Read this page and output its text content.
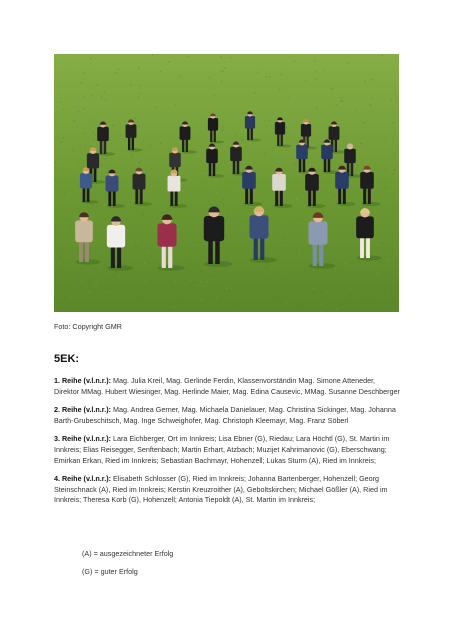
Foto: Copyright GMR
5EK:
1. Reihe (v.l.n.r.): Mag. Julia Kreil, Mag. Gerlinde Ferdin, Klassenvorständin Mag. Simone Atteneder, Direktor MMag. Hubert Wiesinger, Mag. Herlinde Maier, Mag. Edina Causevic, MMag. Susanne Deschberger
2. Reihe (v.l.n.r.): Mag. Andrea Gerner, Mag. Michaela Danielauer, Mag. Christina Sickinger, Mag. Johanna Barth-Grubeschitsch, Mag. Inge Schweighofer, Mag. Christoph Kleemayr, Mag. Franz Söberl
3. Reihe (v.l.n.r.): Lara Eichberger, Ort im Innkreis; Lisa Ebner (G), Riedau; Lara Höchtl (G), St. Martin im Innkreis; Elias Reisegger, Senftenbach; Martin Erhart, Atzbach; Muzijet Kahrimanovic (G), Eberschwang; Emirkan Erkan, Ried im Innkreis; Sebastian Bachmayr, Hohenzell; Lukas Sturm (A), Ried im Innkreis;
4. Reihe (v.l.n.r.): Elisabeth Schlosser (G), Ried im Innkreis; Johanna Bartenberger, Hohenzell; Georg Steinschnack (A), Ried im Innkreis; Kerstin Kreuzroither (A), Geboltskirchen; Michael Gößler (A), Ried im Innkreis; Theresa Korb (G), Hohenzell; Antonia Tiepoldt (A), St. Martin im Innkreis;
(A) = ausgezeichneter Erfolg
(G) = guter Erfolg
